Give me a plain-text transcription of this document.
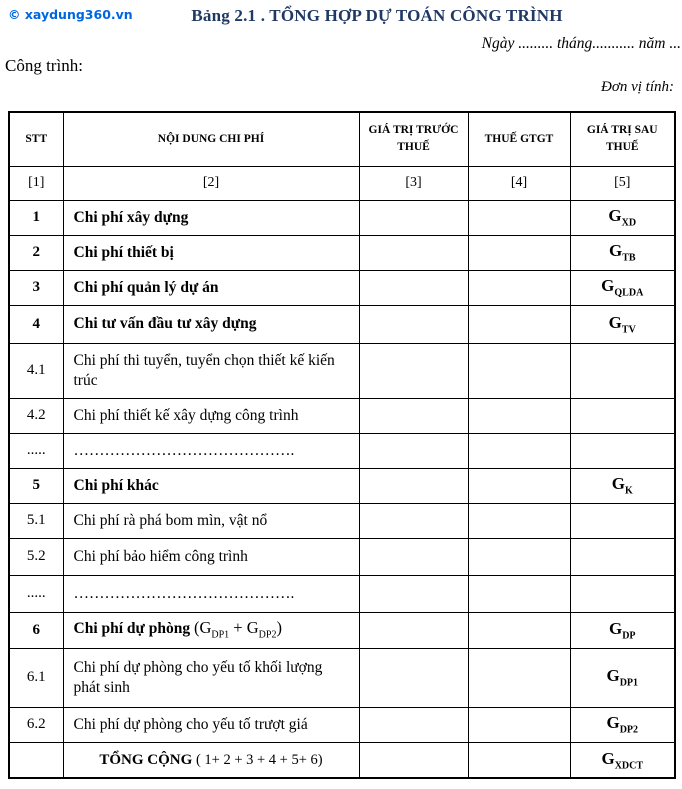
© xaydung360.vn	Bảng 2.1 . TỔNG HỢP DỰ TOÁN CÔNG TRÌNH
Ngày ......... tháng........... năm ...
Công trình:
Đơn vị tính:
STT	NỘI DUNG CHI PHÍ	GIÁ TRỊ TRƯỚC THUẾ	THUẾ GTGT	GIÁ TRỊ SAU THUẾ
[1]	[2]	[3]	[4]	[5]
1	Chi phí xây dựng			$G_{XD}$
2	Chi phí thiết bị			$G_{TB}$
3	Chi phí quản lý dự án			$G_{QLDA}$
4	Chi tư vấn đầu tư xây dựng			$G_{TV}$
4.1	Chi phí thi tuyển, tuyển chọn thiết kế kiến trúc			
4.2	Chi phí thiết kế xây dựng công trình			
.....	…………………………………….			
5	Chi phí khác			$G_K$
5.1	Chi phí rà phá bom mìn, vật nổ			
5.2	Chi phí bảo hiểm công trình			
.....	…………………………………….			
6	Chi phí dự phòng $(G_{DP1} + G_{DP2})$			$G_{DP}$
6.1	Chi phí dự phòng cho yếu tố khối lượng phát sinh			$G_{DP1}$
6.2	Chi phí dự phòng cho yếu tố trượt giá			$G_{DP2}$
	TỔNG CỘNG ( 1+ 2 + 3 + 4 + 5+ 6)			$G_{XDCT}$
